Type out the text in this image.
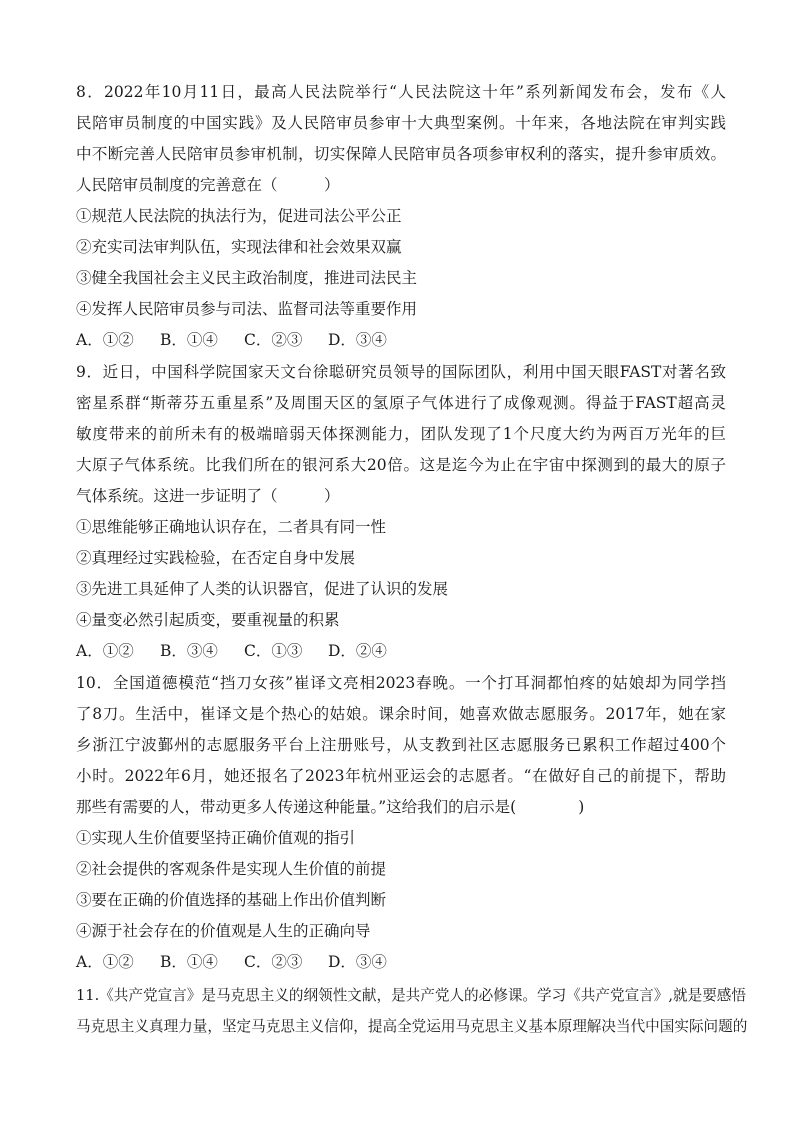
8．2022年10月11日，最高人民法院举行“人民法院这十年”系列新闻发布会，发布《人
民陪审员制度的中国实践》及人民陪审员参审十大典型案例。十年来，各地法院在审判实践
中不断完善人民陪审员参审机制，切实保障人民陪审员各项参审权利的落实，提升参审质效。
人民陪审员制度的完善意在（　　　）
①规范人民法院的执法行为，促进司法公平公正
②充实司法审判队伍，实现法律和社会效果双赢
③健全我国社会主义民主政治制度，推进司法民主
④发挥人民陪审员参与司法、监督司法等重要作用
A．①② B．①④ C．②③ D．③④
9．近日，中国科学院国家天文台徐聪研究员领导的国际团队，利用中国天眼FAST对著名致
密星系群“斯蒂芬五重星系”及周围天区的氢原子气体进行了成像观测。得益于FAST超高灵
敏度带来的前所未有的极端暗弱天体探测能力，团队发现了1个尺度大约为两百万光年的巨
大原子气体系统。比我们所在的银河系大20倍。这是迄今为止在宇宙中探测到的最大的原子
气体系统。这进一步证明了（　　　）
①思维能够正确地认识存在，二者具有同一性
②真理经过实践检验，在否定自身中发展
③先进工具延伸了人类的认识器官，促进了认识的发展
④量变必然引起质变，要重视量的积累
A．①② B．③④ C．①③ D．②④
10．全国道德模范“挡刀女孩”崔译文亮相2023春晚。一个打耳洞都怕疼的姑娘却为同学挡
了8刀。生活中，崔译文是个热心的姑娘。课余时间，她喜欢做志愿服务。2017年，她在家
乡浙江宁波鄞州的志愿服务平台上注册账号，从支教到社区志愿服务已累积工作超过400个
小时。2022年6月，她还报名了2023年杭州亚运会的志愿者。“在做好自己的前提下，帮助
那些有需要的人，带动更多人传递这种能量。”这给我们的启示是(　　　　)
①实现人生价值要坚持正确价值观的指引
②社会提供的客观条件是实现人生价值的前提
③要在正确的价值选择的基础上作出价值判断
④源于社会存在的价值观是人生的正确向导
A．①② B．①④ C．②③ D．③④
11.《共产党宣言》是马克思主义的纲领性文献，是共产党人的必修课。学习《共产党宣言》,就是要感悟
马克思主义真理力量，坚定马克思主义信仰，提高全党运用马克思主义基本原理解决当代中国实际问题的
